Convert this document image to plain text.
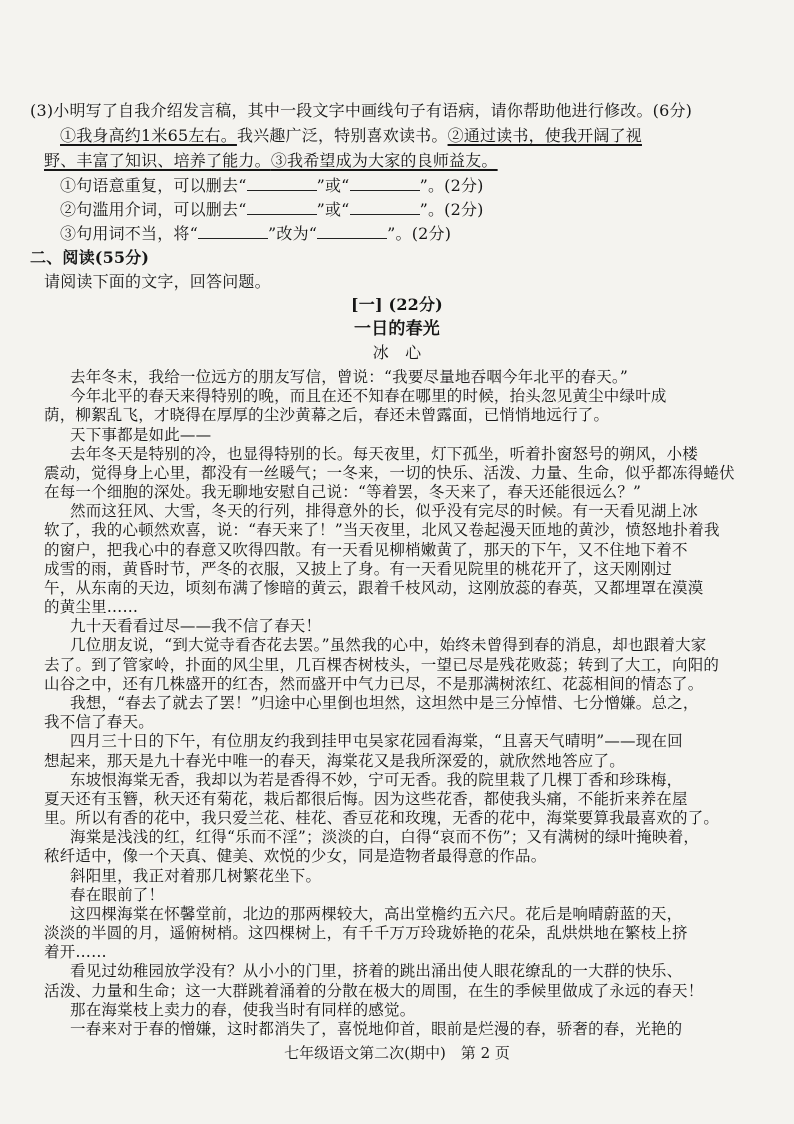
(3)小明写了自我介绍发言稿，其中一段文字中画线句子有语病，请你帮助他进行修改。(6分)
①我身高约1米65左右。我兴趣广泛，特别喜欢读书。②通过读书，使我开阔了视
野、丰富了知识、培养了能力。③我希望成为大家的良师益友。
①句语意重复，可以删去“	”或“	”。(2分)
②句滥用介词，可以删去“	”或“	”。(2分)
③句用词不当，将“	”改为“	”。(2分)
二、阅读(55分)
请阅读下面的文字，回答问题。
[一] (22分)
一日的春光
冰　心
去年冬末，我给一位远方的朋友写信，曾说：“我要尽量地吞咽今年北平的春天。”
今年北平的春天来得特别的晚，而且在还不知春在哪里的时候，抬头忽见黄尘中绿叶成
荫，柳絮乱飞，才晓得在厚厚的尘沙黄幕之后，春还未曾露面，已悄悄地远行了。
天下事都是如此——
去年冬天是特别的冷，也显得特别的长。每天夜里，灯下孤坐，听着扑窗怒号的朔风，小楼
震动，觉得身上心里，都没有一丝暖气；一冬来，一切的快乐、活泼、力量、生命，似乎都冻得蜷伏
在每一个细胞的深处。我无聊地安慰自己说：“等着罢，冬天来了，春天还能很远么？”
然而这狂风、大雪，冬天的行列，排得意外的长，似乎没有完尽的时候。有一天看见湖上冰
软了，我的心顿然欢喜，说：“春天来了！”当天夜里，北风又卷起漫天匝地的黄沙，愤怒地扑着我
的窗户，把我心中的春意又吹得四散。有一天看见柳梢嫩黄了，那天的下午，又不住地下着不
成雪的雨，黄昏时节，严冬的衣服，又披上了身。有一天看见院里的桃花开了，这天刚刚过
午，从东南的天边，顷刻布满了惨暗的黄云，跟着千枝风动，这刚放蕊的春英，又都埋罩在漠漠
的黄尘里……
九十天看看过尽——我不信了春天！
几位朋友说，“到大觉寺看杏花去罢。”虽然我的心中，始终未曾得到春的消息，却也跟着大家
去了。到了管家岭，扑面的风尘里，几百棵杏树枝头，一望已尽是残花败蕊；转到了大工，向阳的
山谷之中，还有几株盛开的红杏，然而盛开中气力已尽，不是那满树浓红、花蕊相间的情态了。
我想，“春去了就去了罢！”归途中心里倒也坦然，这坦然中是三分悼惜、七分憎嫌。总之，
我不信了春天。
四月三十日的下午，有位朋友约我到挂甲屯吴家花园看海棠，“且喜天气晴明”——现在回
想起来，那天是九十春光中唯一的春天，海棠花又是我所深爱的，就欣然地答应了。
东坡恨海棠无香，我却以为若是香得不妙，宁可无香。我的院里栽了几棵丁香和珍珠梅，
夏天还有玉簪，秋天还有菊花，栽后都很后悔。因为这些花香，都使我头痛，不能折来养在屋
里。所以有香的花中，我只爱兰花、桂花、香豆花和玫瑰，无香的花中，海棠要算我最喜欢的了。
海棠是浅浅的红，红得“乐而不淫”；淡淡的白，白得“哀而不伤”；又有满树的绿叶掩映着，
秾纤适中，像一个天真、健美、欢悦的少女，同是造物者最得意的作品。
斜阳里，我正对着那几树繁花坐下。
春在眼前了！
这四棵海棠在怀馨堂前，北边的那两棵较大，高出堂檐约五六尺。花后是响晴蔚蓝的天，
淡淡的半圆的月，遥俯树梢。这四棵树上，有千千万万玲珑娇艳的花朵，乱烘烘地在繁枝上挤
着开……
看见过幼稚园放学没有？从小小的门里，挤着的跳出涌出使人眼花缭乱的一大群的快乐、
活泼、力量和生命；这一大群跳着涌着的分散在极大的周围，在生的季候里做成了永远的春天！
那在海棠枝上卖力的春，使我当时有同样的感觉。
一春来对于春的憎嫌，这时都消失了，喜悦地仰首，眼前是烂漫的春，骄奢的春，光艳的
七年级语文第二次(期中)　第 2 页
